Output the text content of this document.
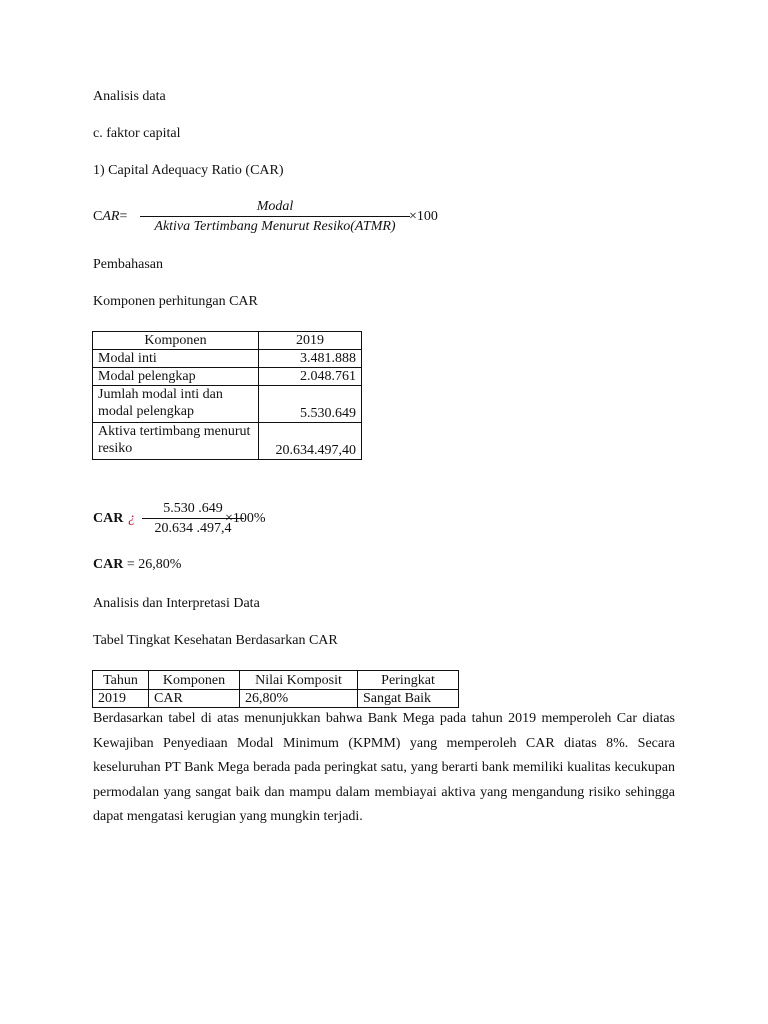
Analisis data
c. faktor capital
1) Capital Adequacy Ratio (CAR)
CAR=
Modal
Aktiva Tertimbang Menurut Resiko(ATMR)
×100
Pembahasan
Komponen perhitungan CAR
Komponen	2019
Modal inti	3.481.888
Modal pelengkap	2.048.761
Jumlah modal inti dan modal pelengkap	5.530.649
Aktiva tertimbang menurut resiko	20.634.497,40
CAR ¿
5.530 .649
20.634 .497,4
×100%
CAR = 26,80%
Analisis dan Interpretasi Data
Tabel Tingkat Kesehatan Berdasarkan CAR
Tahun	Komponen	Nilai Komposit	Peringkat
2019	CAR	26,80%	Sangat Baik
Berdasarkan tabel di atas menunjukkan bahwa Bank Mega pada tahun 2019 memperoleh Car diatas Kewajiban Penyediaan Modal Minimum (KPMM) yang memperoleh CAR diatas 8%. Secara keseluruhan PT Bank Mega berada pada peringkat satu, yang berarti bank memiliki kualitas kecukupan permodalan yang sangat baik dan mampu dalam membiayai aktiva yang mengandung risiko sehingga dapat mengatasi kerugian yang mungkin terjadi.
